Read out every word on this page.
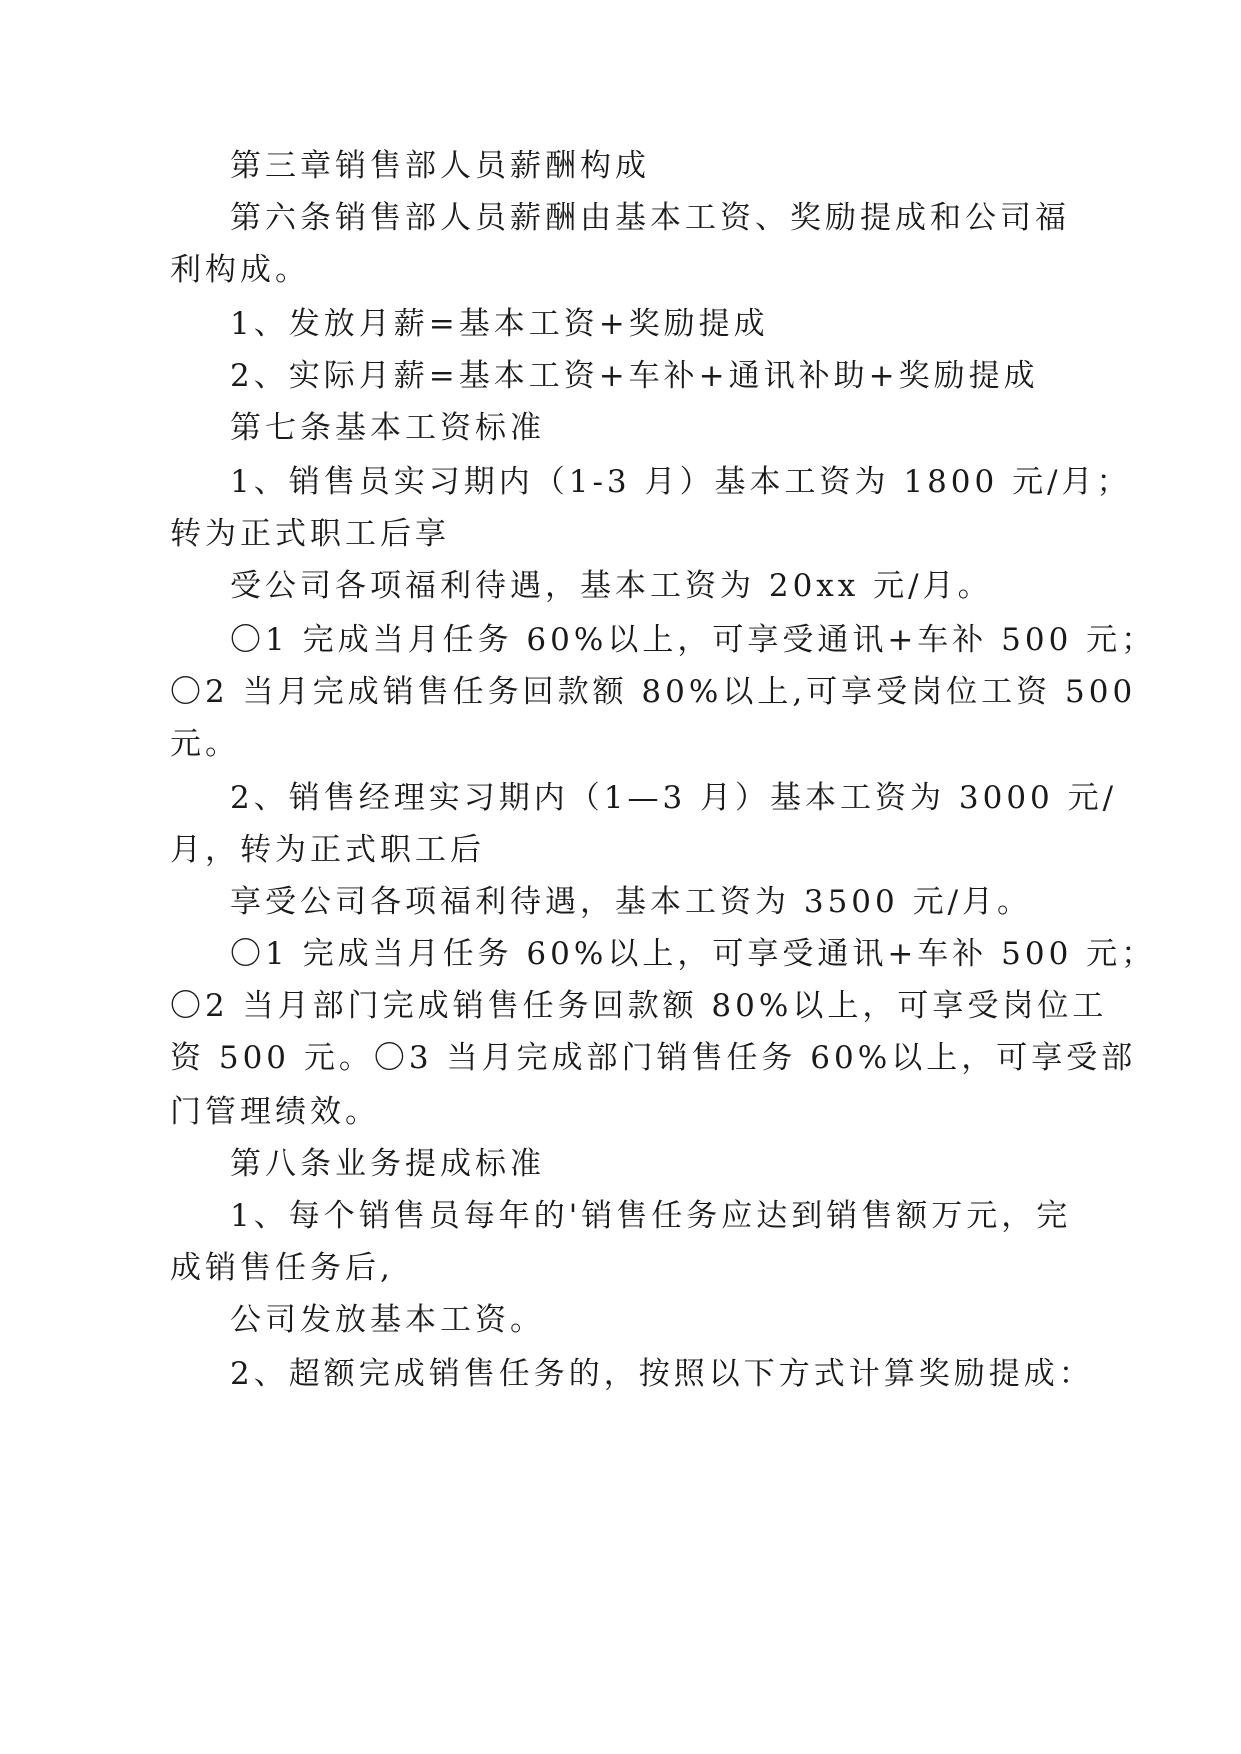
第三章销售部人员薪酬构成
第六条销售部人员薪酬由基本工资、奖励提成和公司福
利构成。
1、发放月薪=基本工资+奖励提成
2、实际月薪=基本工资+车补+通讯补助+奖励提成
第七条基本工资标准
1、销售员实习期内（1-3 月）基本工资为 1800 元/月；
转为正式职工后享
受公司各项福利待遇，基本工资为 20xx 元/月。
〇1 完成当月任务 60%以上，可享受通讯+车补 500 元；
〇2 当月完成销售任务回款额 80%以上,可享受岗位工资 500
元。
2、销售经理实习期内（1—3 月）基本工资为 3000 元/
月，转为正式职工后
享受公司各项福利待遇，基本工资为 3500 元/月。
〇1 完成当月任务 60%以上，可享受通讯+车补 500 元；
〇2 当月部门完成销售任务回款额 80%以上，可享受岗位工
资 500 元。〇3 当月完成部门销售任务 60%以上，可享受部
门管理绩效。
第八条业务提成标准
1、每个销售员每年的'销售任务应达到销售额万元，完
成销售任务后,
公司发放基本工资。
2、超额完成销售任务的，按照以下方式计算奖励提成：
